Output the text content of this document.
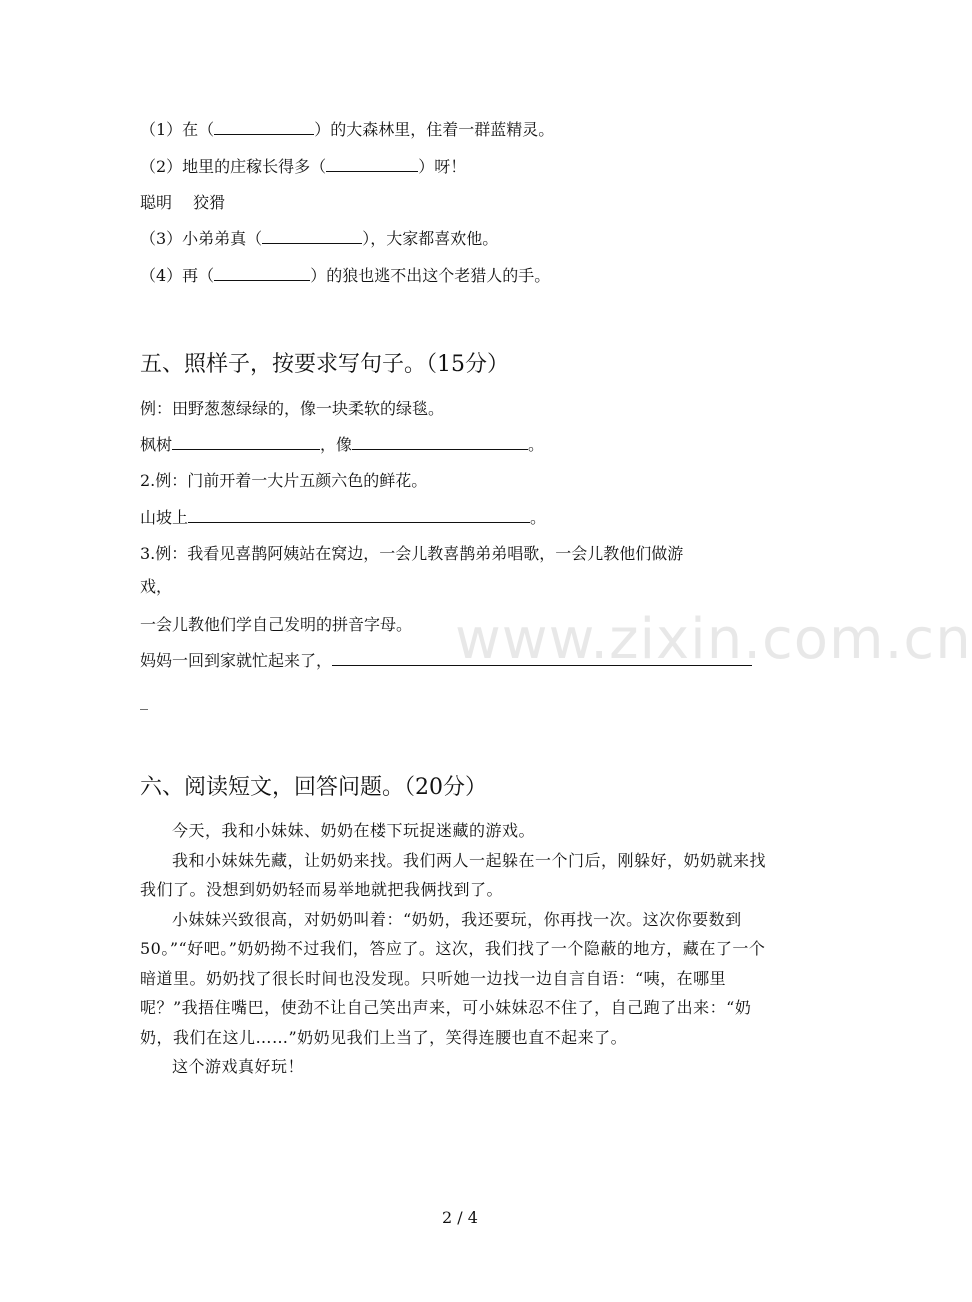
（1）在（	）的大森林里，住着一群蓝精灵。
（2）地里的庄稼长得多（	）呀！
聪明　 狡猾
（3）小弟弟真（	），大家都喜欢他。
（4）再（	）的狼也逃不出这个老猎人的手。
五、照样子，按要求写句子。（15分）
例：田野葱葱绿绿的，像一块柔软的绿毯。
枫树	，像	。
2.例：门前开着一大片五颜六色的鲜花。
山坡上	。
3.例：我看见喜鹊阿姨站在窝边，一会儿教喜鹊弟弟唱歌，一会儿教他们做游
戏，
一会儿教他们学自己发明的拼音字母。
妈妈一回到家就忙起来了，
_
www.zixin.com.cn
六、阅读短文，回答问题。（20分）

今天，我和小妹妹、奶奶在楼下玩捉迷藏的游戏。

我和小妹妹先藏，让奶奶来找。我们两人一起躲在一个门后，刚躲好，奶奶就来找我们了。没想到奶奶轻而易举地就把我俩找到了。

小妹妹兴致很高，对奶奶叫着：“奶奶，我还要玩，你再找一次。这次你要数到50。”“好吧。”奶奶拗不过我们，答应了。这次，我们找了一个隐蔽的地方，藏在了一个暗道里。奶奶找了很长时间也没发现。只听她一边找一边自言自语：“咦，在哪里呢？”我捂住嘴巴，使劲不让自己笑出声来，可小妹妹忍不住了，自己跑了出来：“奶奶，我们在这儿……”奶奶见我们上当了，笑得连腰也直不起来了。

这个游戏真好玩！

2 / 4
